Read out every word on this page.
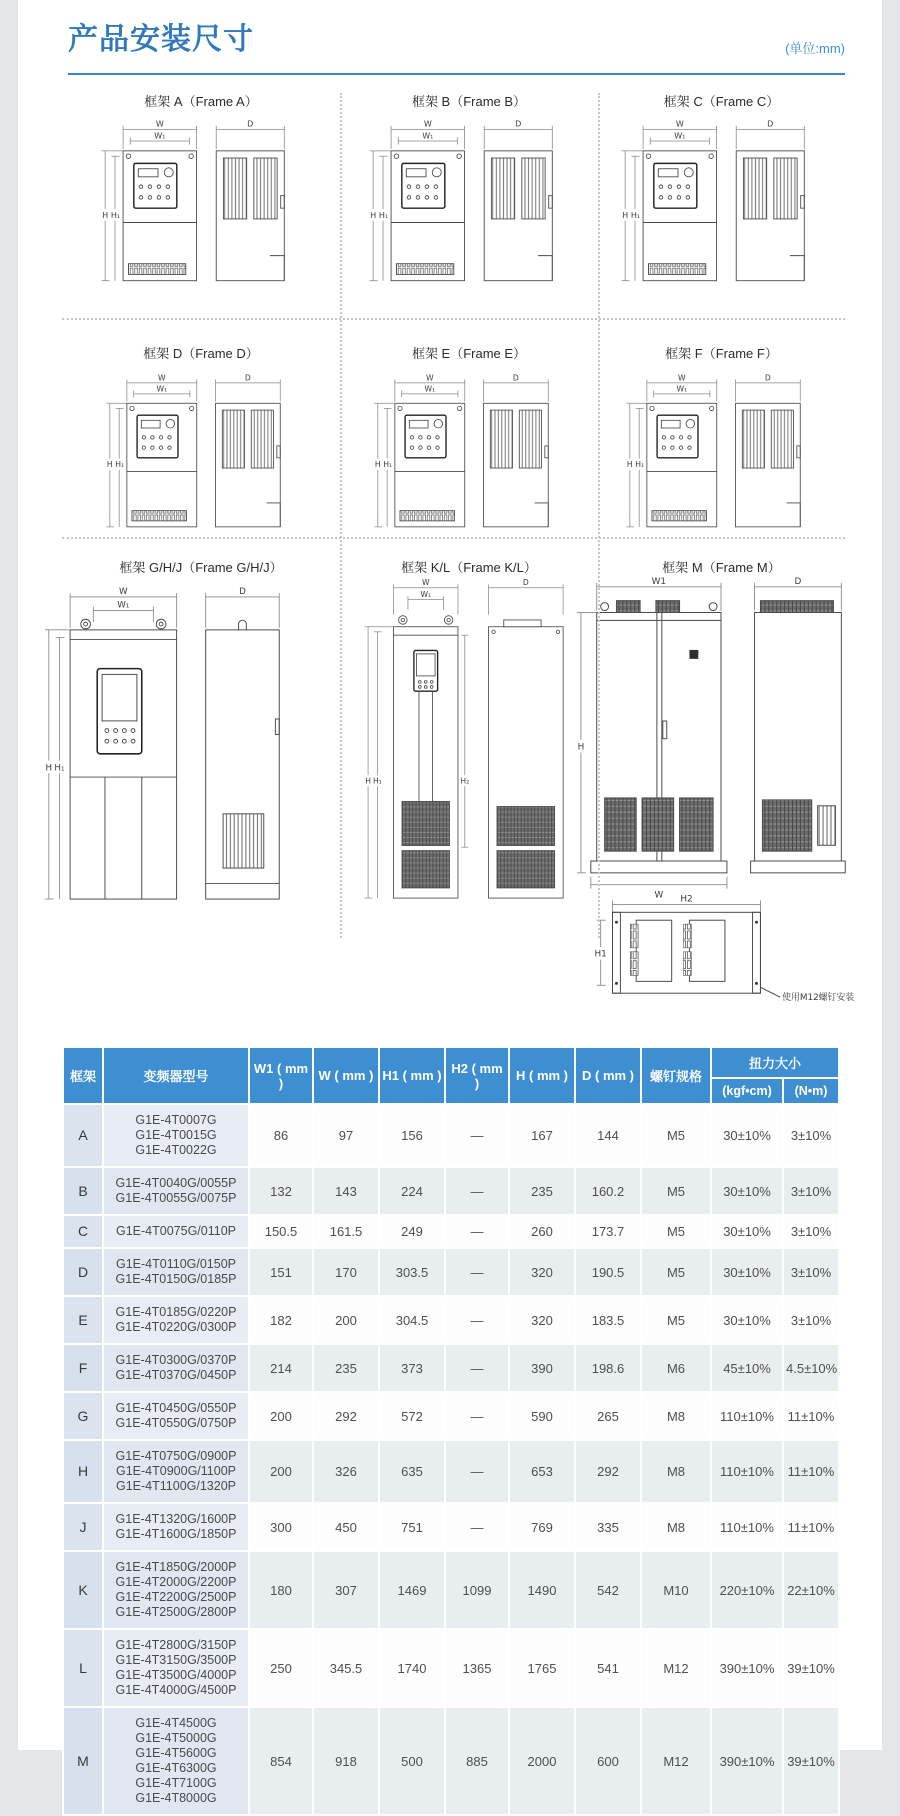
产品安装尺寸	(单位:mm)
框架 A（Frame A）	框架 B（Frame B）	框架 C（Frame C）
框架 D（Frame D）	框架 E（Frame E）	框架 F（Frame F）
框架 G/H/J（Frame G/H/J）	框架 K/L（Frame K/L）	框架 M（Frame M）
框架	变频器型号	W1 ( mm )	W ( mm )	H1 ( mm )	H2 ( mm )	H ( mm )	D ( mm )	螺钉规格	扭力大小	
									(kgf•cm)	(N•m)
A	G1E-4T0007G
G1E-4T0015G
G1E-4T0022G	86	97	156	—	167	144	M5	30±10%	3±10%
B	G1E-4T0040G/0055P
G1E-4T0055G/0075P	132	143	224	—	235	160.2	M5	30±10%	3±10%
C	G1E-4T0075G/0110P	150.5	161.5	249	—	260	173.7	M5	30±10%	3±10%
D	G1E-4T0110G/0150P
G1E-4T0150G/0185P	151	170	303.5	—	320	190.5	M5	30±10%	3±10%
E	G1E-4T0185G/0220P
G1E-4T0220G/0300P	182	200	304.5	—	320	183.5	M5	30±10%	3±10%
F	G1E-4T0300G/0370P
G1E-4T0370G/0450P	214	235	373	—	390	198.6	M6	45±10%	4.5±10%
G	G1E-4T0450G/0550P
G1E-4T0550G/0750P	200	292	572	—	590	265	M8	110±10%	11±10%
H	G1E-4T0750G/0900P
G1E-4T0900G/1100P
G1E-4T1100G/1320P	200	326	635	—	653	292	M8	110±10%	11±10%
J	G1E-4T1320G/1600P
G1E-4T1600G/1850P	300	450	751	—	769	335	M8	110±10%	11±10%
K	G1E-4T1850G/2000P
G1E-4T2000G/2200P
G1E-4T2200G/2500P
G1E-4T2500G/2800P	180	307	1469	1099	1490	542	M10	220±10%	22±10%
L	G1E-4T2800G/3150P
G1E-4T3150G/3500P
G1E-4T3500G/4000P
G1E-4T4000G/4500P	250	345.5	1740	1365	1765	541	M12	390±10%	39±10%
M	
G1E-4T4500G
G1E-4T5000G
G1E-4T5600G
G1E-4T6300G
G1E-4T7100G
G1E-4T8000G
	854	918	500	885	2000	600	M12	390±10%	39±10%
